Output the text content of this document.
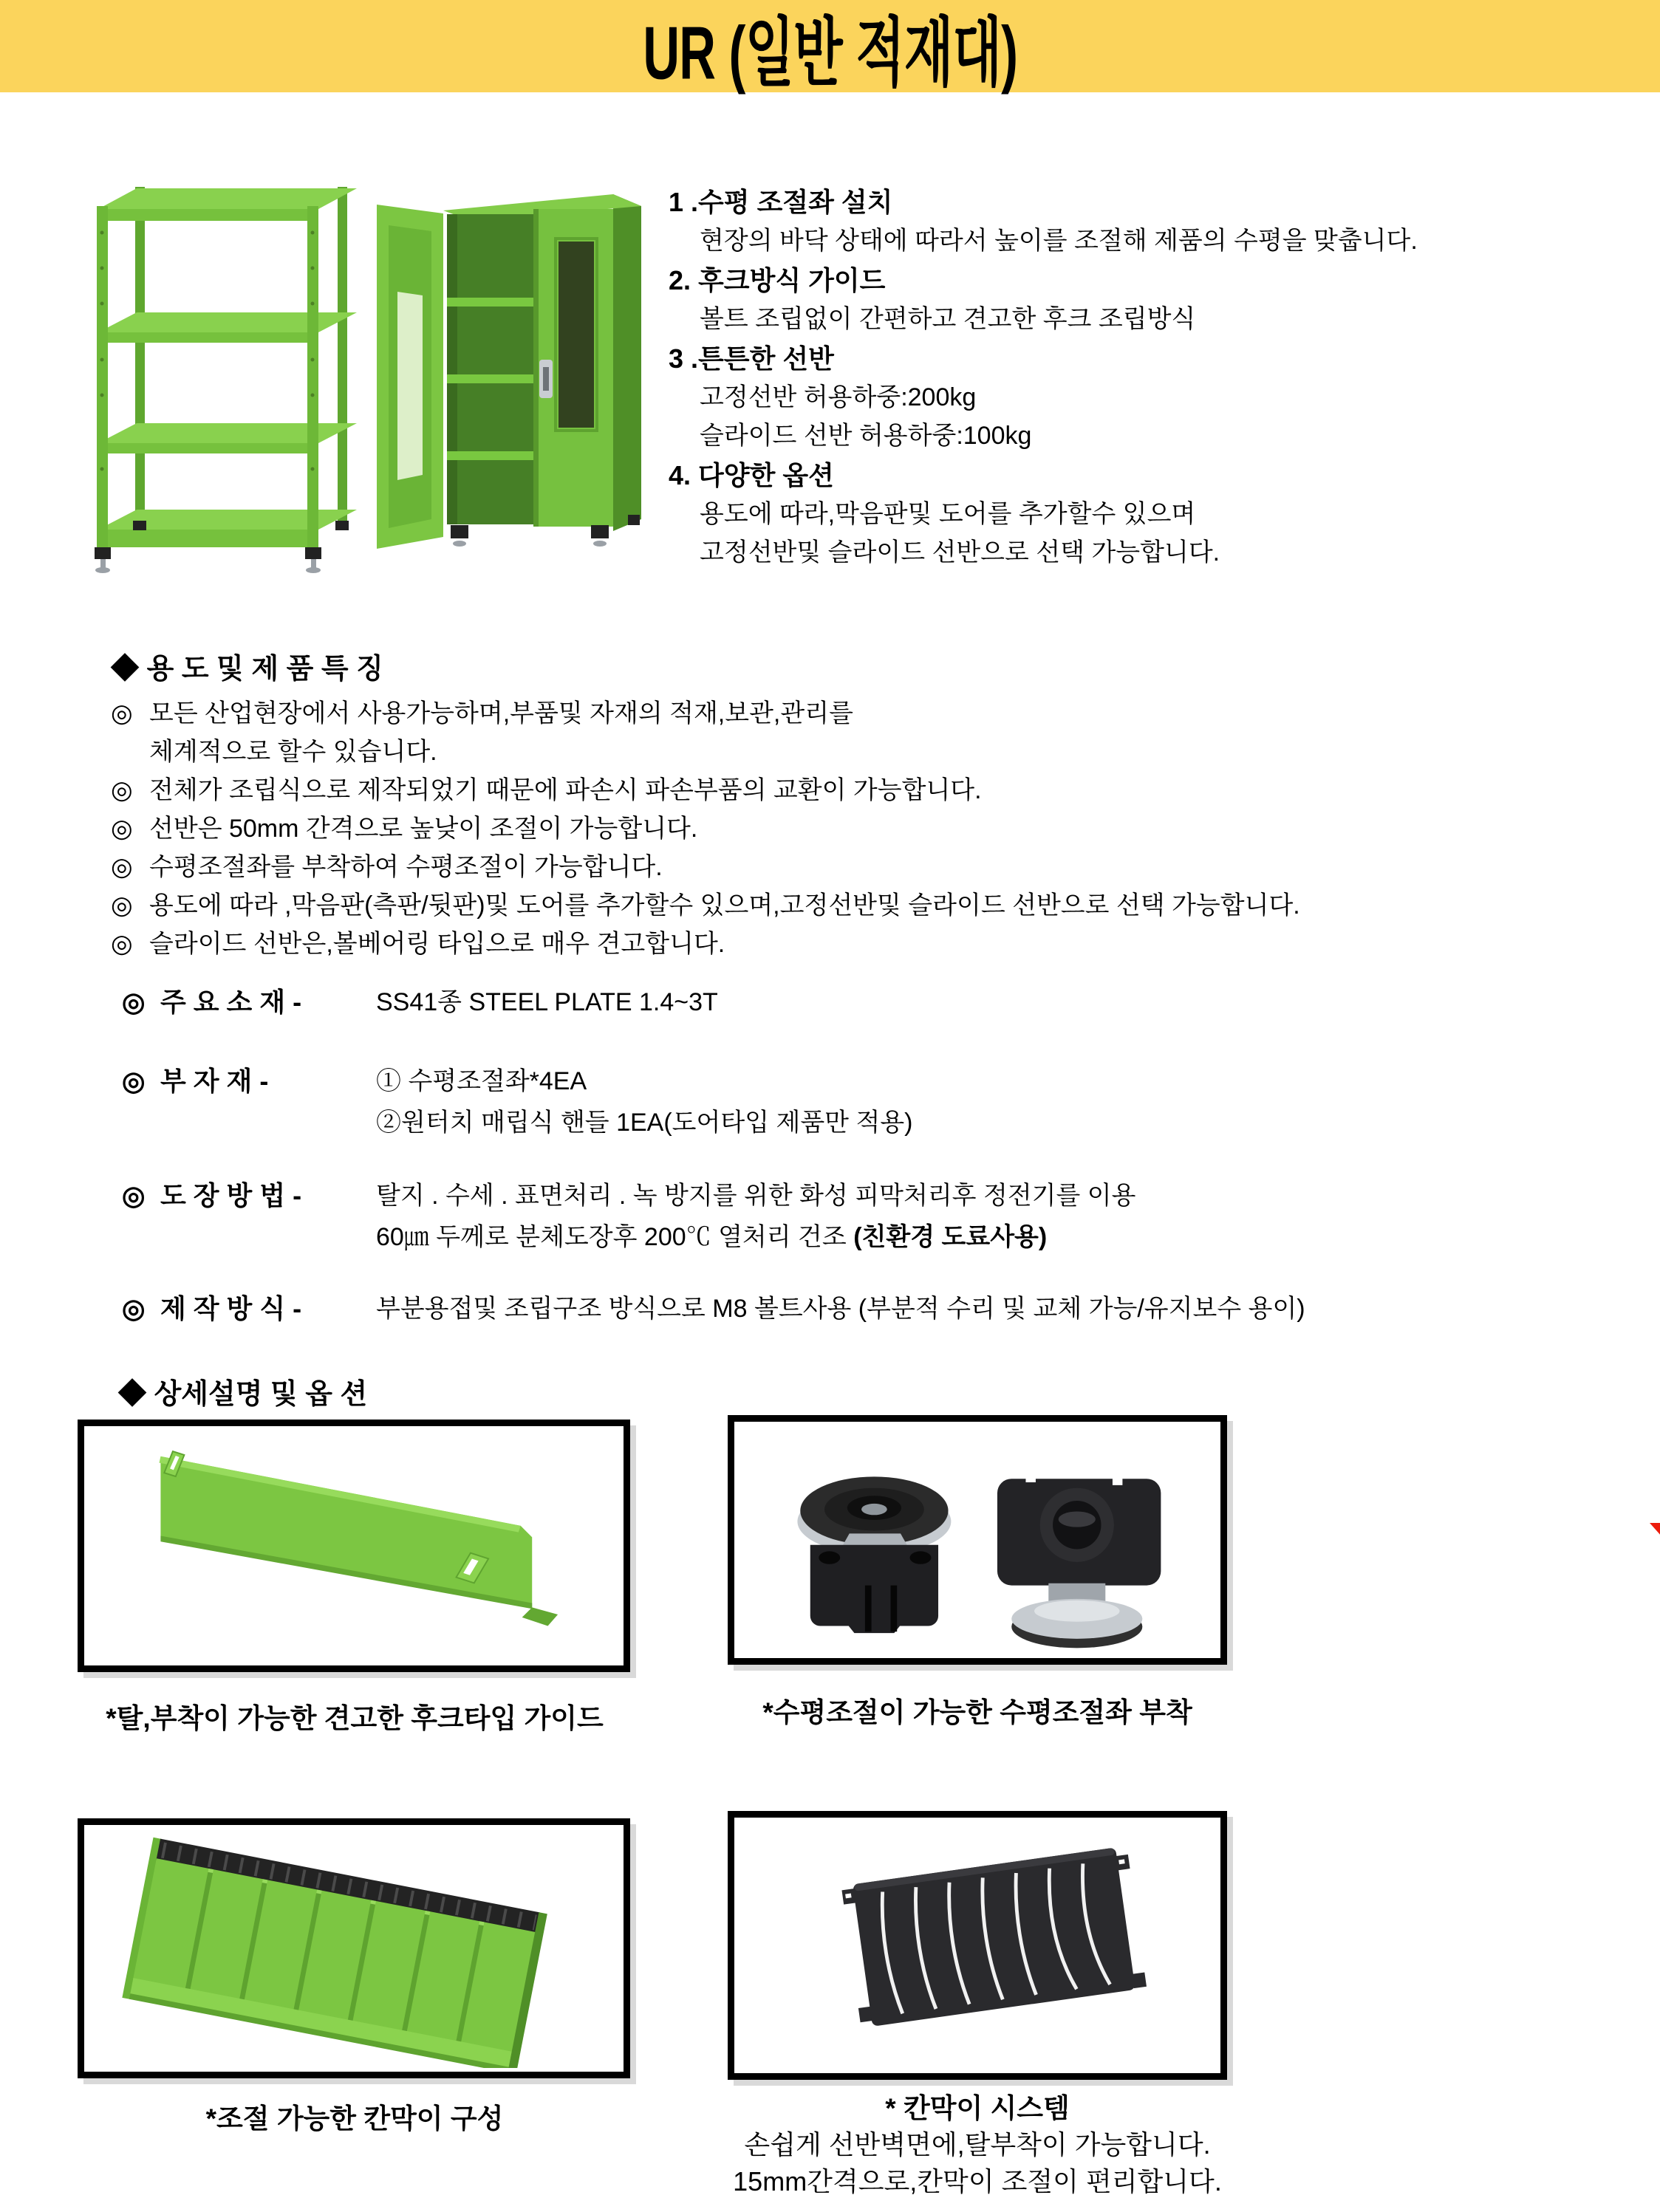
UR (일반 적재대)
1 .수평 조절좌 설치
현장의 바닥 상태에 따라서 높이를 조절해 제품의 수평을 맞춥니다.
2. 후크방식 가이드
볼트 조립없이 간편하고 견고한 후크 조립방식
3 .튼튼한 선반
고정선반 허용하중:200kg
슬라이드 선반 허용하중:100kg
4. 다양한 옵션
용도에 따라,막음판및 도어를 추가할수 있으며
고정선반및 슬라이드 선반으로 선택 가능합니다.
◆ 용 도 및 제 품 특 징
◎ 모든 산업현장에서 사용가능하며,부품및 자재의 적재,보관,관리를
체계적으로 할수 있습니다.
◎ 전체가 조립식으로 제작되었기 때문에 파손시 파손부품의 교환이 가능합니다.
◎ 선반은 50mm 간격으로 높낮이 조절이 가능합니다.
◎ 수평조절좌를 부착하여 수평조절이 가능합니다.
◎ 용도에 따라 ,막음판(측판/뒷판)및 도어를 추가할수 있으며,고정선반및 슬라이드 선반으로 선택 가능합니다.
◎ 슬라이드 선반은,볼베어링 타입으로 매우 견고합니다.
◎ 주 요 소 재 -	SS41종 STEEL PLATE 1.4~3T
◎ 부 자 재 -	① 수평조절좌*4EA
②원터치 매립식 핸들 1EA(도어타입 제품만 적용)
◎ 도 장 방 법 -	탈지 . 수세 . 표면처리 . 녹 방지를 위한 화성 피막처리후 정전기를 이용
60㎛ 두께로 분체도장후 200℃ 열처리 건조 (친환경 도료사용)
◎ 제 작 방 식 -	부분용접및 조립구조 방식으로 M8 볼트사용 (부분적 수리 및 교체 가능/유지보수 용이)
◆ 상세설명 및 옵 션
*탈,부착이 가능한 견고한 후크타입 가이드	*수평조절이 가능한 수평조절좌 부착
*조절 가능한 칸막이 구성	* 칸막이 시스템
손쉽게 선반벽면에,탈부착이 가능합니다.
15mm간격으로,칸막이 조절이 편리합니다.
